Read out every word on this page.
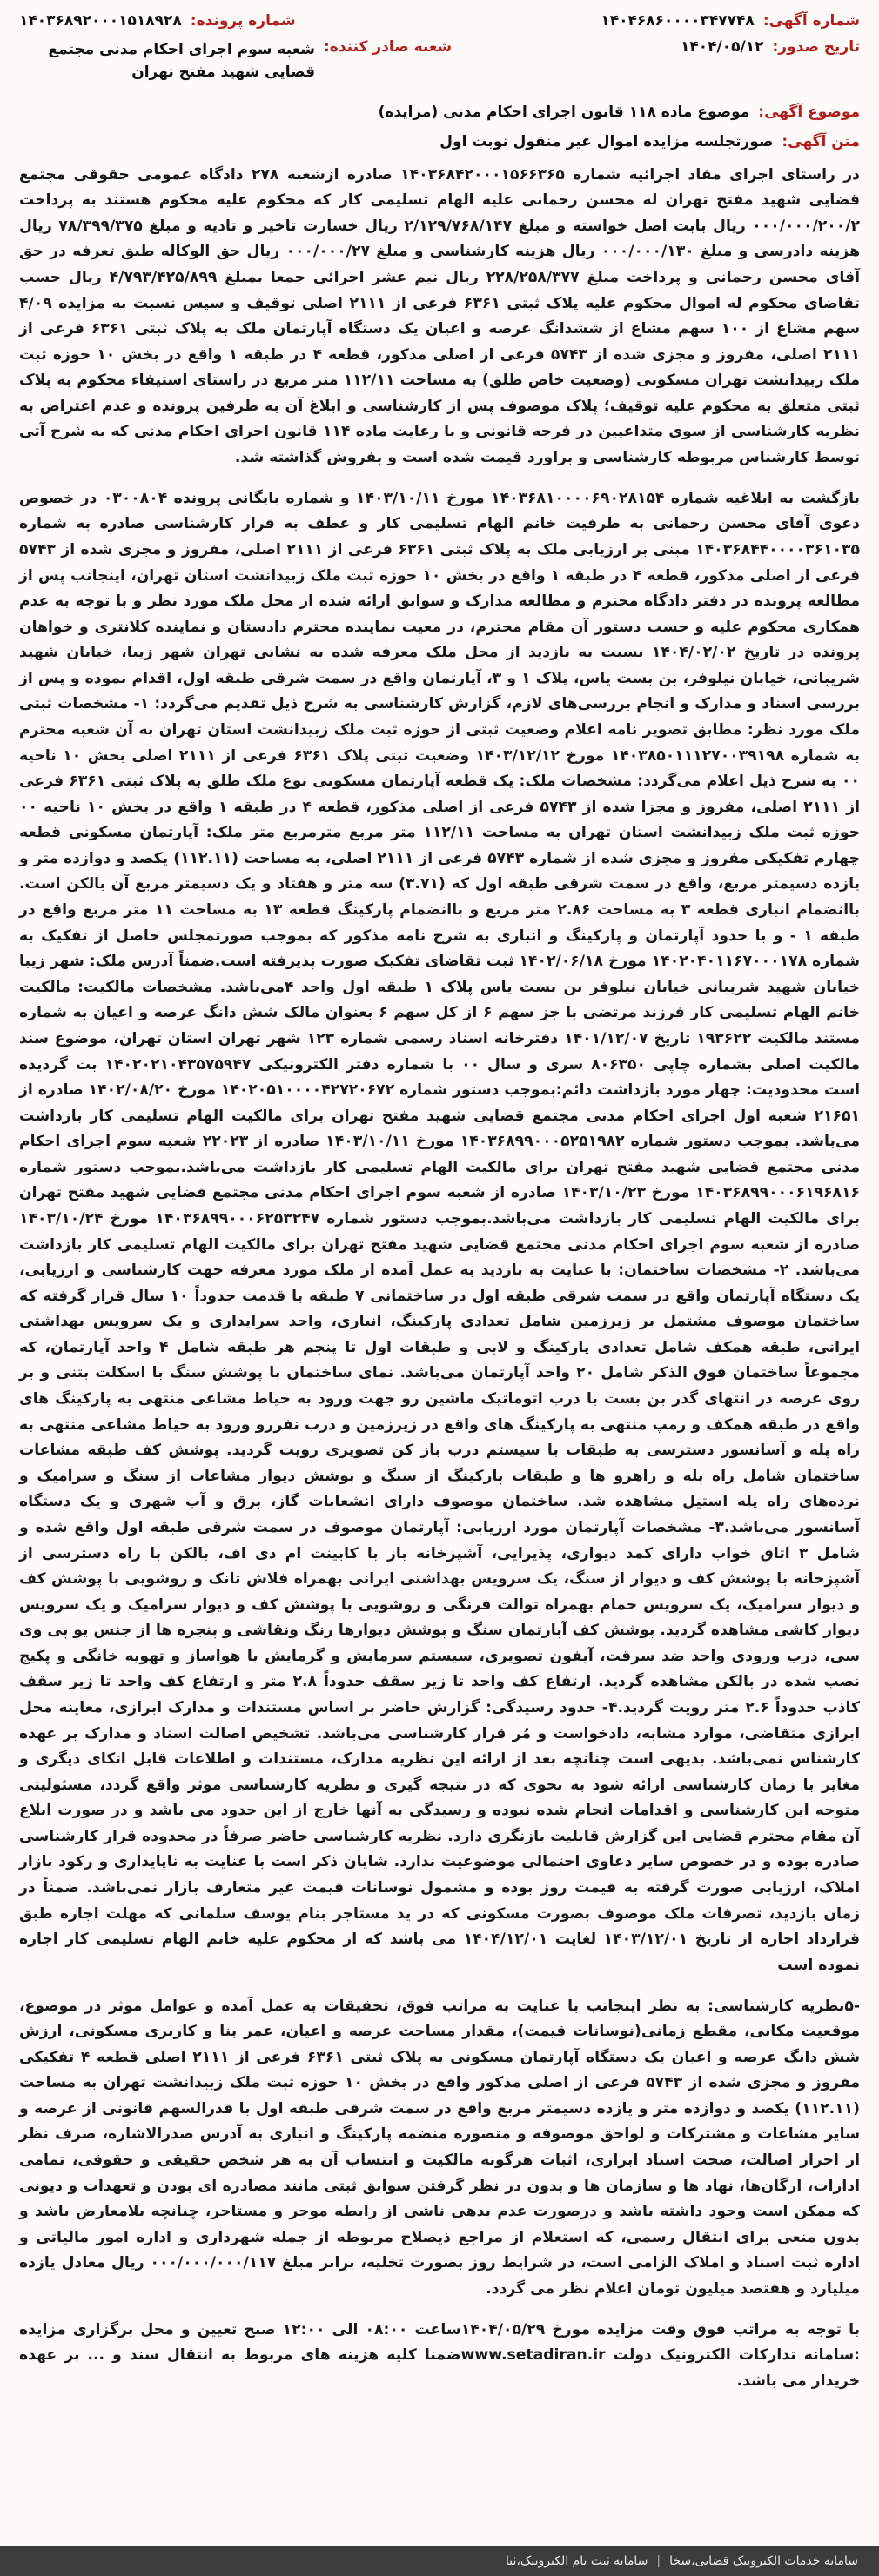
شماره آگهی:
۱۴۰۴۶۸۶۰۰۰۰۳۴۷۷۴۸
شماره پرونده:
۱۴۰۳۶۸۹۲۰۰۰۱۵۱۸۹۲۸
تاریخ صدور:
۱۴۰۴/۰۵/۱۲
شعبه صادر کننده:
شعبه سوم اجرای احکام مدنی مجتمع قضایی شهید مفتح تهران
موضوع آگهی:
موضوع ماده ۱۱۸ قانون اجرای احکام مدنی (مزایده)
متن آگهی:
صورتجلسه مزایده اموال غیر منقول نوبت اول

در راستای اجرای مفاد اجرائیه شماره ۱۴۰۳۶۸۴۲۰۰۰۱۵۶۶۳۶۵ صادره ازشعبه ۲۷۸ دادگاه عمومی حقوقی مجتمع قضایی شهید مفتح تهران له محسن رحمانی علیه الهام تسلیمی کار که محکوم علیه محکوم هستند به پرداخت ۰۰۰/۰۰۰/۲۰۰/۲ ریال بابت اصل خواسته و مبلغ ۲/۱۲۹/۷۶۸/۱۴۷ ریال خسارت تاخیر و تادیه و مبلغ ۷۸/۳۹۹/۳۷۵ ریال هزینه دادرسی و مبلغ ۰۰۰/۰۰۰/۱۳۰ ریال هزینه کارشناسی و مبلغ ۰۰۰/۰۰۰/۲۷ ریال حق الوکاله طبق تعرفه در حق آقای محسن رحمانی و پرداخت مبلغ ۲۲۸/۲۵۸/۳۷۷ ریال نیم عشر اجرائی جمعا بمبلغ ۴/۷۹۳/۴۲۵/۸۹۹ ریال حسب تقاضای محکوم له اموال محکوم علیه پلاک ثبتی ۶۳۶۱ فرعی از ۲۱۱۱ اصلی توقیف و سپس نسبت به مزایده ۴/۰۹ سهم مشاع از ۱۰۰ سهم مشاع از ششدانگ عرصه و اعیان یک دستگاه آپارتمان ملک به پلاک ثبتی ۶۳۶۱ فرعی از ۲۱۱۱ اصلی، مفروز و مجزی شده از ۵۷۴۳ فرعی از اصلی مذکور، قطعه ۴ در طبقه ۱ واقع در بخش ۱۰ حوزه ثبت ملک زبیدانشت تهران مسکونی (وضعیت خاص طلق) به مساحت ۱۱۲/۱۱ متر مربع در راستای استیفاء محکوم به پلاک ثبتی متعلق به محکوم علیه توقیف؛ پلاک موصوف پس از کارشناسی و ابلاغ آن به طرفین پرونده و عدم اعتراض به نظریه کارشناسی از سوی متداعیین در فرجه قانونی و با رعایت ماده ۱۱۴ قانون اجرای احکام مدنی که به شرح آتی توسط کارشناس مربوطه کارشناسی و براورد قیمت شده است و بفروش گذاشته شد.

بازگشت به ابلاغیه شماره ۱۴۰۳۶۸۱۰۰۰۰۶۹۰۲۸۱۵۴ مورخ ۱۴۰۳/۱۰/۱۱ و شماره بایگانی پرونده ۰۳۰۰۸۰۴ در خصوص دعوی آقای محسن رحمانی به طرفیت خانم الهام تسلیمی کار و عطف به قرار کارشناسی صادره به شماره ۱۴۰۳۶۸۴۴۰۰۰۰۳۶۱۰۳۵ مبنی بر ارزیابی ملک به پلاک ثبتی ۶۳۶۱ فرعی از ۲۱۱۱ اصلی، مفروز و مجزی شده از ۵۷۴۳ فرعی از اصلی مذکور، قطعه ۴ در طبقه ۱ واقع در بخش ۱۰ حوزه ثبت ملک زبیدانشت استان تهران، اینجانب پس از مطالعه پرونده در دفتر دادگاه محترم و مطالعه مدارک و سوابق ارائه شده از محل ملک مورد نظر و با توجه به عدم همکاری محکوم علیه و حسب دستور آن مقام محترم، در معیت نماینده محترم دادستان و نماینده کلانتری و خواهان پرونده در تاریخ ۱۴۰۴/۰۲/۰۲ نسبت به بازدید از محل ملک معرفه شده به نشانی تهران شهر زیبا، خیابان شهید شریبانی، خیابان نیلوفر، بن بست یاس، پلاک ۱ و ۳، آپارتمان واقع در سمت شرقی طبقه اول، اقدام نموده و پس از بررسی اسناد و مدارک و انجام بررسی‌های لازم، گزارش کارشناسی به شرح ذیل تقدیم می‌گردد: ۱- مشخصات ثبتی ملک مورد نظر: مطابق تصویر نامه اعلام وضعیت ثبتی از حوزه ثبت ملک زبیدانشت استان تهران به آن شعبه محترم به شماره ۱۴۰۳۸۵۰۱۱۱۲۷۰۰۳۹۱۹۸ مورخ ۱۴۰۳/۱۲/۱۲ وضعیت ثبتی پلاک ۶۳۶۱ فرعی از ۲۱۱۱ اصلی بخش ۱۰ ناحیه ۰۰ به شرح ذیل اعلام می‌گردد: مشخصات ملک: یک قطعه آپارتمان مسکونی نوع ملک طلق به پلاک ثبتی ۶۳۶۱ فرعی از ۲۱۱۱ اصلی، مفروز و مجزا شده از ۵۷۴۳ فرعی از اصلی مذکور، قطعه ۴ در طبقه ۱ واقع در بخش ۱۰ ناحیه ۰۰ حوزه ثبت ملک زبیدانشت استان تهران به مساحت ۱۱۲/۱۱ متر مربع مترمربع متر ملک: آپارتمان مسکونی قطعه چهارم تفکیکی مفروز و مجزی شده از شماره ۵۷۴۳ فرعی از ۲۱۱۱ اصلی، به مساحت (۱۱۲.۱۱) یکصد و دوازده متر و یازده دسیمتر مربع، واقع در سمت شرقی طبقه اول که (۳.۷۱) سه متر و هفتاد و یک دسیمتر مربع آن بالکن است. باانضمام انباری قطعه ۳ به مساحت ۲.۸۶ متر مربع و باانضمام پارکینگ قطعه ۱۳ به مساحت ۱۱ متر مربع واقع در طبقه ۱ - و با حدود آپارتمان و پارکینگ و انباری به شرح نامه مذکور که بموجب صورتمجلس حاصل از تفکیک به شماره ۱۴۰۲۰۴۰۱۱۶۷۰۰۰۱۷۸ مورخ ۱۴۰۲/۰۶/۱۸ ثبت تقاضای تفکیک صورت پذیرفته است.ضمناً آدرس ملک: شهر زیبا خیابان شهید شریبانی خیابان نیلوفر بن بست یاس پلاک ۱ طبقه اول واحد ۴می‌باشد. مشخصات مالکیت: مالکیت خانم الهام تسلیمی کار فرزند مرتضی با جز سهم ۶ از کل سهم ۶ بعنوان مالک شش دانگ عرصه و اعیان به شماره مستند مالکیت ۱۹۳۶۲۲ تاریخ ۱۴۰۱/۱۲/۰۷ دفترخانه اسناد رسمی شماره ۱۲۳ شهر تهران استان تهران، موضوع سند مالکیت اصلی بشماره چاپی ۸۰۶۳۵۰ سری و سال ۰۰ با شماره دفتر الکترونیکی ۱۴۰۲۰۲۱۰۴۳۵۷۵۹۴۷ بت گردیده است محدودیت: چهار مورد بازداشت دائم:بموجب دستور شماره ۱۴۰۲۰۵۱۰۰۰۰۴۲۷۲۰۶۷۲ مورخ ۱۴۰۲/۰۸/۲۰ صادره از ۲۱۶۵۱ شعبه اول اجرای احکام مدنی مجتمع قضایی شهید مفتح تهران برای مالکیت الهام تسلیمی کار بازداشت می‌باشد. بموجب دستور شماره ۱۴۰۳۶۸۹۹۰۰۰۵۲۵۱۹۸۲ مورخ ۱۴۰۳/۱۰/۱۱ صادره از ۲۲۰۲۳ شعبه سوم اجرای احکام مدنی مجتمع قضایی شهید مفتح تهران برای مالکیت الهام تسلیمی کار بازداشت می‌باشد.بموجب دستور شماره ۱۴۰۳۶۸۹۹۰۰۰۶۱۹۶۸۱۶ مورخ ۱۴۰۳/۱۰/۲۳ صادره از شعبه سوم اجرای احکام مدنی مجتمع قضایی شهید مفتح تهران برای مالکیت الهام تسلیمی کار بازداشت می‌باشد.بموجب دستور شماره ۱۴۰۳۶۸۹۹۰۰۰۶۲۵۳۲۴۷ مورخ ۱۴۰۳/۱۰/۲۴ صادره از شعبه سوم اجرای احکام مدنی مجتمع قضایی شهید مفتح تهران برای مالکیت الهام تسلیمی کار بازداشت می‌باشد. ۲- مشخصات ساختمان: با عنایت به بازدید به عمل آمده از ملک مورد معرفه جهت کارشناسی و ارزیابی، یک دستگاه آپارتمان واقع در سمت شرقی طبقه اول در ساختمانی ۷ طبقه با قدمت حدوداً ۱۰ سال قرار گرفته که ساختمان موصوف مشتمل بر زیرزمین شامل تعدادی پارکینگ، انباری، واحد سرایداری و یک سرویس بهداشتی ایرانی، طبقه همکف شامل تعدادی پارکینگ و لابی و طبقات اول تا پنجم هر طبقه شامل ۴ واحد آپارتمان، که مجموعاً ساختمان فوق الذکر شامل ۲۰ واحد آپارتمان می‌باشد. نمای ساختمان با پوشش سنگ با اسکلت بتنی و بر روی عرصه در انتهای گذر بن بست با درب اتوماتیک ماشین رو جهت ورود به حیاط مشاعی منتهی به پارکینگ های واقع در طبقه همکف و رمپ منتهی به پارکینگ های واقع در زیرزمین و درب نفررو ورود به حیاط مشاعی منتهی به راه پله و آسانسور دسترسی به طبقات با سیستم درب باز کن تصویری رویت گردید. پوشش کف طبقه مشاعات ساختمان شامل راه پله و راهرو ها و طبقات پارکینگ از سنگ و پوشش دیوار مشاعات از سنگ و سرامیک و نرده‌های راه پله استیل مشاهده شد. ساختمان موصوف دارای انشعابات گاز، برق و آب شهری و یک دستگاه آسانسور می‌باشد.۳- مشخصات آپارتمان مورد ارزیابی: آپارتمان موصوف در سمت شرقی طبقه اول واقع شده و شامل ۳ اتاق خواب دارای کمد دیواری، پذیرایی، آشپزخانه باز با کابینت ام دی اف، بالکن با راه دسترسی از آشپزخانه با پوشش کف و دیوار از سنگ، یک سرویس بهداشتی ایرانی بهمراه فلاش تانک و روشویی با پوشش کف و دیوار سرامیک، یک سرویس حمام بهمراه توالت فرنگی و روشویی با پوشش کف و دیوار سرامیک و یک سرویس دیوار کاشی مشاهده گردید. پوشش کف آپارتمان سنگ و پوشش دیوارها رنگ ونقاشی و پنجره ها از جنس یو پی وی سی، درب ورودی واحد ضد سرقت، آیفون تصویری، سیستم سرمایش و گرمایش با هواساز و تهویه خانگی و پکیج نصب شده در بالکن مشاهده گردید. ارتفاع کف واحد تا زیر سقف حدوداً ۲.۸ متر و ارتفاع کف واحد تا زیر سقف کاذب حدوداً ۲.۶ متر رویت گردید.۴- حدود رسیدگی: گزارش حاضر بر اساس مستندات و مدارک ابرازی، معاینه محل ابرازی متقاضی، موارد مشابه، دادخواست و مُر قرار کارشناسی می‌باشد. تشخیص اصالت اسناد و مدارک بر عهده کارشناس نمی‌باشد. بدیهی است چنانچه بعد از ارائه این نظریه مدارک، مستندات و اطلاعات قابل اتکای دیگری و مغایر با زمان کارشناسی ارائه شود به نحوی که در نتیجه گیری و نظریه کارشناسی موثر واقع گردد، مسئولیتی متوجه این کارشناسی و اقدامات انجام شده نبوده و رسیدگی به آنها خارج از این حدود می باشد و در صورت ابلاغ آن مقام محترم قضایی این گزارش قابلیت بازنگری دارد. نظریه کارشناسی حاضر صرفاً در محدوده قرار کارشناسی صادره بوده و در خصوص سایر دعاوی احتمالی موضوعیت ندارد. شایان ذکر است با عنایت به ناپایداری و رکود بازار املاک، ارزیابی صورت گرفته به قیمت روز بوده و مشمول نوسانات قیمت غیر متعارف بازار نمی‌باشد. ضمناً در زمان بازدید، تصرفات ملک موصوف بصورت مسکونی که در ید مستاجر بنام یوسف سلمانی که مهلت اجاره طبق قرارداد اجاره از تاریخ ۱۴۰۳/۱۲/۰۱ لغایت ۱۴۰۴/۱۲/۰۱ می باشد که از محکوم علیه خانم الهام تسلیمی کار اجاره نموده است

-۵نظریه کارشناسی: به نظر اینجانب با عنایت به مراتب فوق، تحقیقات به عمل آمده و عوامل موثر در موضوع، موقعیت مکانی، مقطع زمانی(نوسانات قیمت)، مقدار مساحت عرصه و اعیان، عمر بنا و کاربری مسکونی، ارزش شش دانگ عرصه و اعیان یک دستگاه آپارتمان مسکونی به پلاک ثبتی ۶۳۶۱ فرعی از ۲۱۱۱ اصلی قطعه ۴ تفکیکی مفروز و مجزی شده از ۵۷۴۳ فرعی از اصلی مذکور واقع در بخش ۱۰ حوزه ثبت ملک زبیدانشت تهران به مساحت (۱۱۲.۱۱) یکصد و دوازده متر و یازده دسیمتر مربع واقع در سمت شرقی طبقه اول با قدرالسهم قانونی از عرصه و سایر مشاعات و مشترکات و لواحق موصوفه و متصوره منضمه پارکینگ و انباری به آدرس صدرالاشاره، صرف نظر از احراز اصالت، صحت اسناد ابرازی، اثبات هرگونه مالکیت و انتساب آن به هر شخص حقیقی و حقوقی، تمامی ادارات، ارگان‌ها، نهاد ها و سازمان ها و بدون در نظر گرفتن سوابق ثبتی مانند مصادره ای بودن و تعهدات و دیونی که ممکن است وجود داشته باشد و درصورت عدم بدهی ناشی از رابطه موجر و مستاجر، چنانچه بلامعارض باشد و بدون منعی برای انتقال رسمی، که استعلام از مراجع ذیصلاح مربوطه از جمله شهرداری و اداره امور مالیاتی و اداره ثبت اسناد و املاک الزامی است، در شرایط روز بصورت تخلیه، برابر مبلغ ۰۰۰/۰۰۰/۰۰۰/۱۱۷ ریال معادل یازده میلیارد و هفتصد میلیون تومان اعلام نظر می گردد.

با توجه به مراتب فوق وقت مزایده مورخ ۱۴۰۴/۰۵/۲۹ساعت ۰۸:۰۰ الی ۱۲:۰۰ صبح تعیین و محل برگزاری مزایده :سامانه تدارکات الکترونیک دولت www.setadiran.irضمنا کلیه هزینه های مربوط به انتقال سند و ... بر عهده خریدار می باشد.

سامانه خدمات الکترونیک قضایی،سخا
|
سامانه ثبت نام الکترونیک،ثنا
